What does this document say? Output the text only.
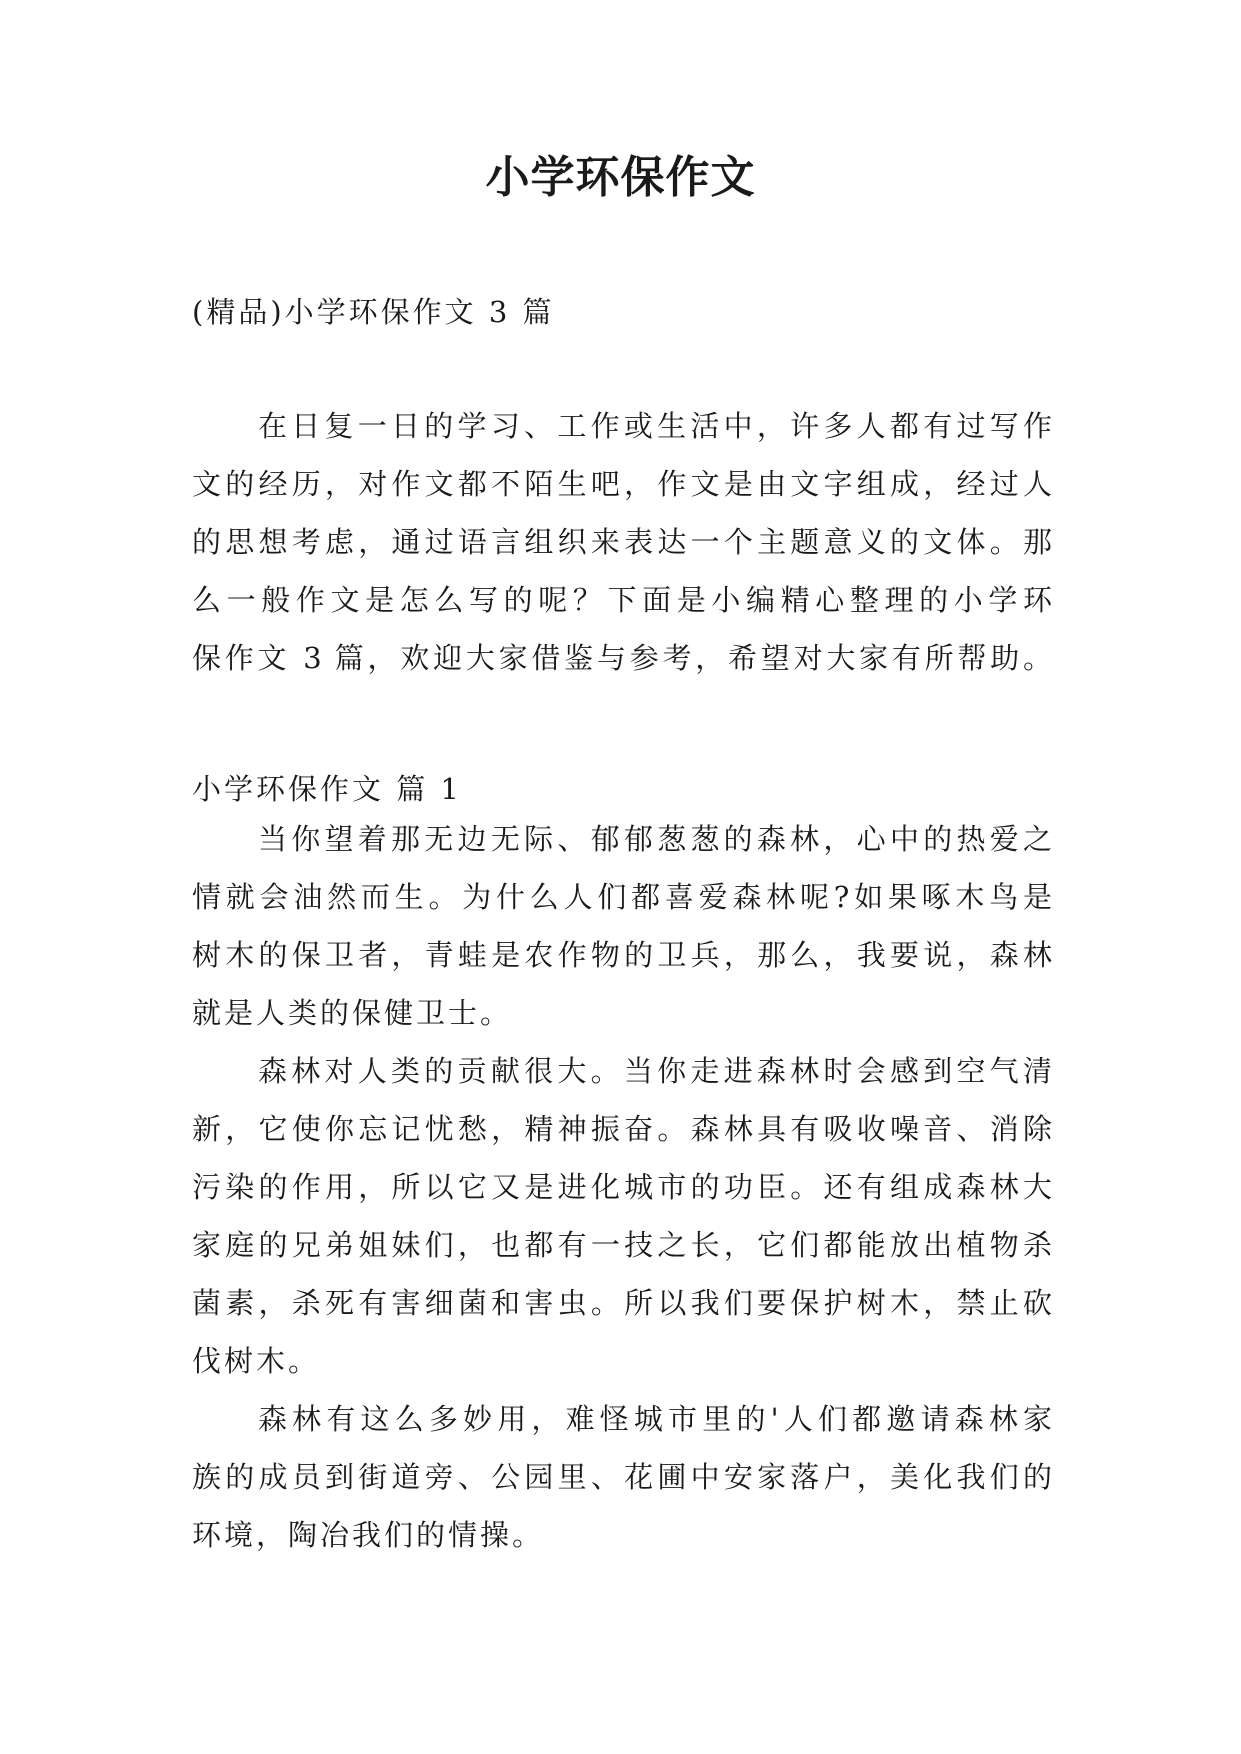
小学环保作文

(精品)小学环保作文 3 篇

在日复一日的学习、工作或生活中，许多人都有过写作
文的经历，对作文都不陌生吧，作文是由文字组成，经过人
的思想考虑，通过语言组织来表达一个主题意义的文体。那
么一般作文是怎么写的呢？下面是小编精心整理的小学环
保作文 3 篇，欢迎大家借鉴与参考，希望对大家有所帮助。

小学环保作文 篇 1

当你望着那无边无际、郁郁葱葱的森林，心中的热爱之
情就会油然而生。为什么人们都喜爱森林呢?如果啄木鸟是
树木的保卫者，青蛙是农作物的卫兵，那么，我要说，森林
就是人类的保健卫士。
森林对人类的贡献很大。当你走进森林时会感到空气清
新，它使你忘记忧愁，精神振奋。森林具有吸收噪音、消除
污染的作用，所以它又是进化城市的功臣。还有组成森林大
家庭的兄弟姐妹们，也都有一技之长，它们都能放出植物杀
菌素，杀死有害细菌和害虫。所以我们要保护树木，禁止砍
伐树木。
森林有这么多妙用，难怪城市里的'人们都邀请森林家
族的成员到街道旁、公园里、花圃中安家落户，美化我们的
环境，陶冶我们的情操。
